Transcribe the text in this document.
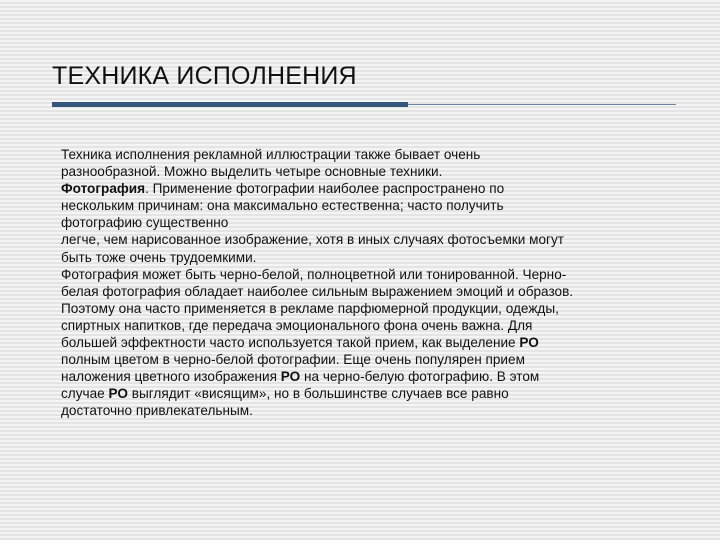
ТЕХНИКА ИСПОЛНЕНИЯ
Техника исполнения рекламной иллюстрации также бывает очень
разнообразной. Можно выделить четыре основные техники.
Фотография. Применение фотографии наиболее распространено по
нескольким причинам: она максимально естественна; часто получить
фотографию существенно
легче, чем нарисованное изображение, хотя в иных случаях фотосъемки могут
быть тоже очень трудоемкими.
Фотография может быть черно-белой, полноцветной или тонированной. Черно-
белая фотография обладает наиболее сильным выражением эмоций и образов.
Поэтому она часто применяется в рекламе парфюмерной продукции, одежды,
спиртных напитков, где передача эмоционального фона очень важна. Для
большей эффектности часто используется такой прием, как выделение РО
полным цветом в черно-белой фотографии. Еще очень популярен прием
наложения цветного изображения РО на черно-белую фотографию. В этом
случае РО выглядит «висящим», но в большинстве случаев все равно
достаточно привлекательным.
